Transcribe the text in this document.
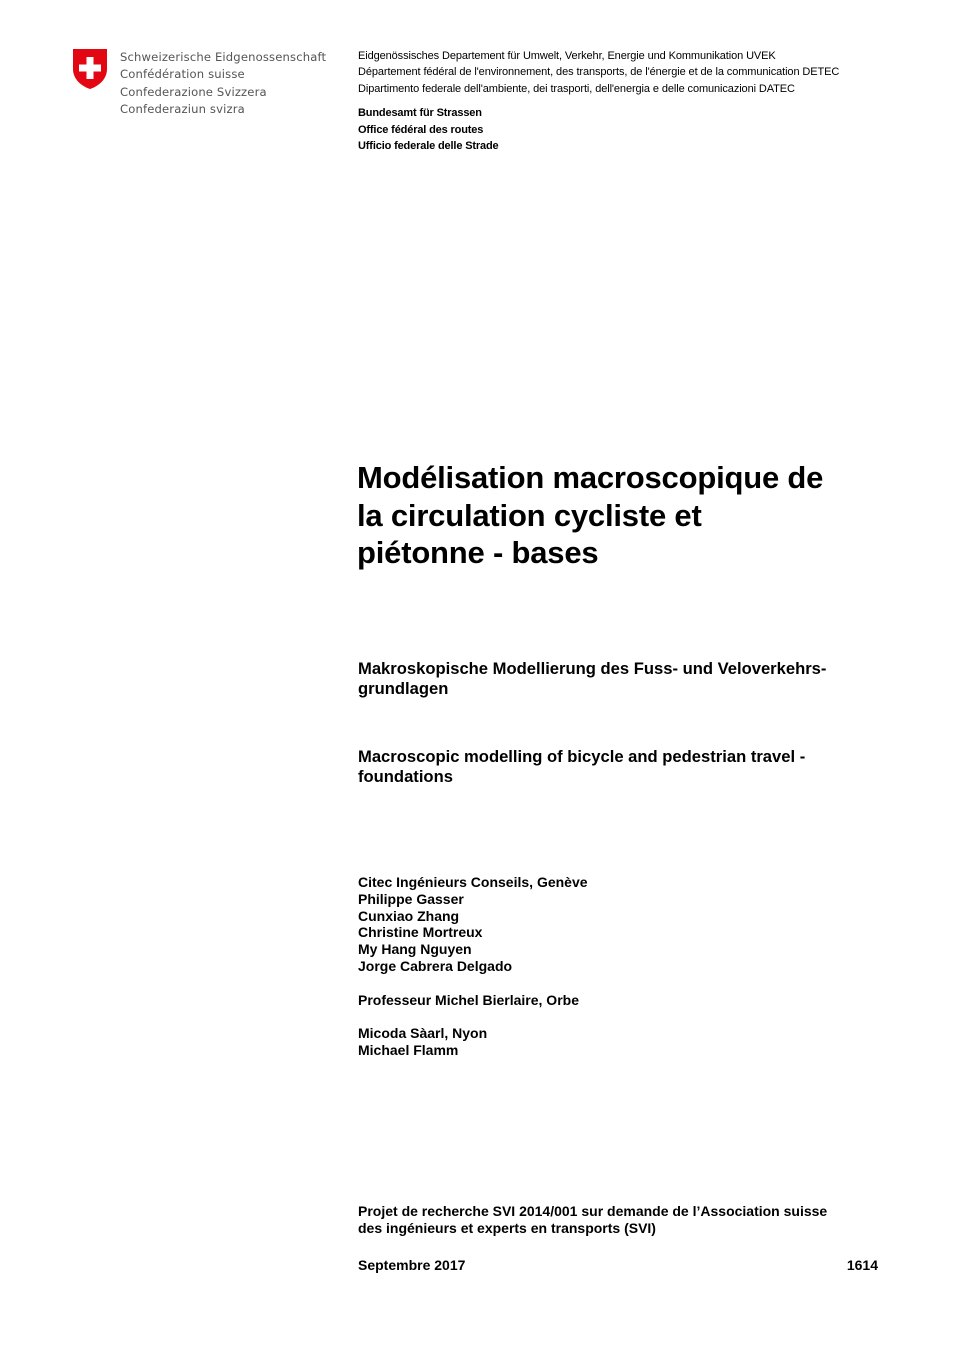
Schweizerische Eidgenossenschaft
Confédération suisse
Confederazione Svizzera
Confederaziun svizra
Eidgenössisches Departement für Umwelt, Verkehr, Energie und Kommunikation UVEK
Département fédéral de l'environnement, des transports, de l'énergie et de la communication DETEC
Dipartimento federale dell'ambiente, dei trasporti, dell'energia e delle comunicazioni DATEC
Bundesamt für Strassen
Office fédéral des routes
Ufficio federale delle Strade
Modélisation macroscopique de
la circulation cycliste et
piétonne - bases
Makroskopische Modellierung des Fuss- und Veloverkehrs-
grundlagen
Macroscopic modelling of bicycle and pedestrian travel -
foundations
Citec Ingénieurs Conseils, Genève
Philippe Gasser
Cunxiao Zhang
Christine Mortreux
My Hang Nguyen
Jorge Cabrera Delgado
Professeur Michel Bierlaire, Orbe
Micoda Sàarl, Nyon
Michael Flamm
Projet de recherche SVI 2014/001 sur demande de l’Association suisse
des ingénieurs et experts en transports (SVI)
Septembre 2017	1614
